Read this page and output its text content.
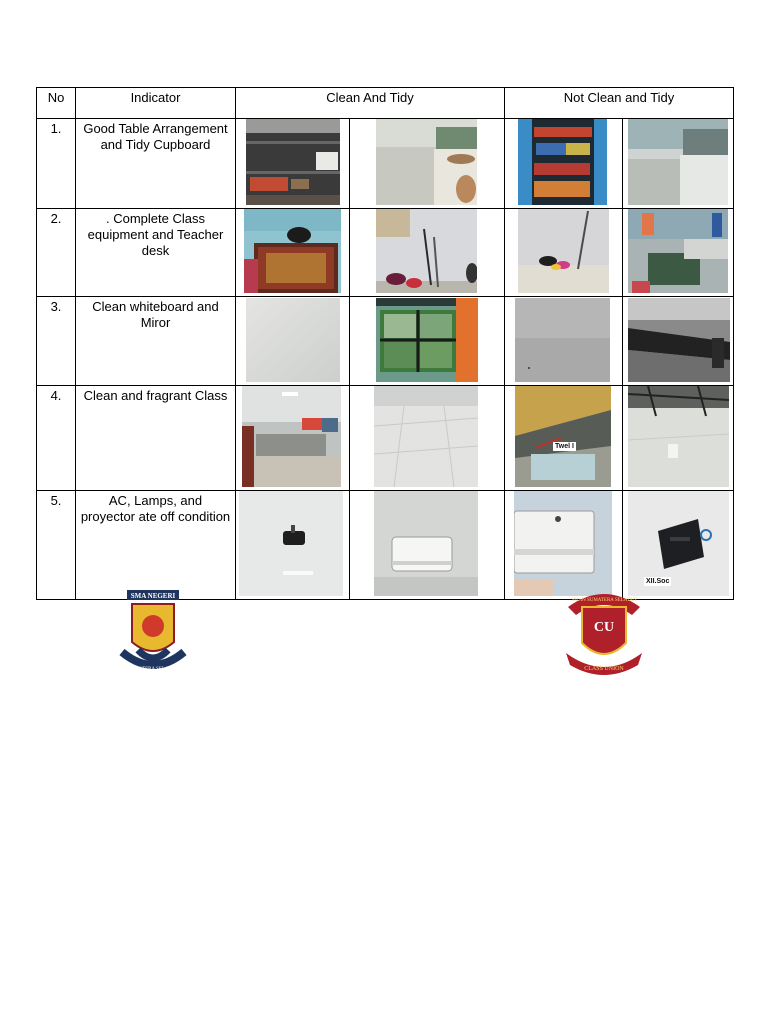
No	Indicator	Clean And Tidy	Not Clean and Tidy
1.	Good Table Arrangement and Tidy Cupboard	

2.	. Complete Class equipment and Teacher desk	

3.	Clean whiteboard and Miror	

4.	Clean and fragrant Class		Twel I

5.	AC, Lamps, and proyector ate off condition		XII.Soc
SMA NEGERI
SUMATERA SELATAN
SMAN SUMATERA SELATAN
CU
CLASS UNION
